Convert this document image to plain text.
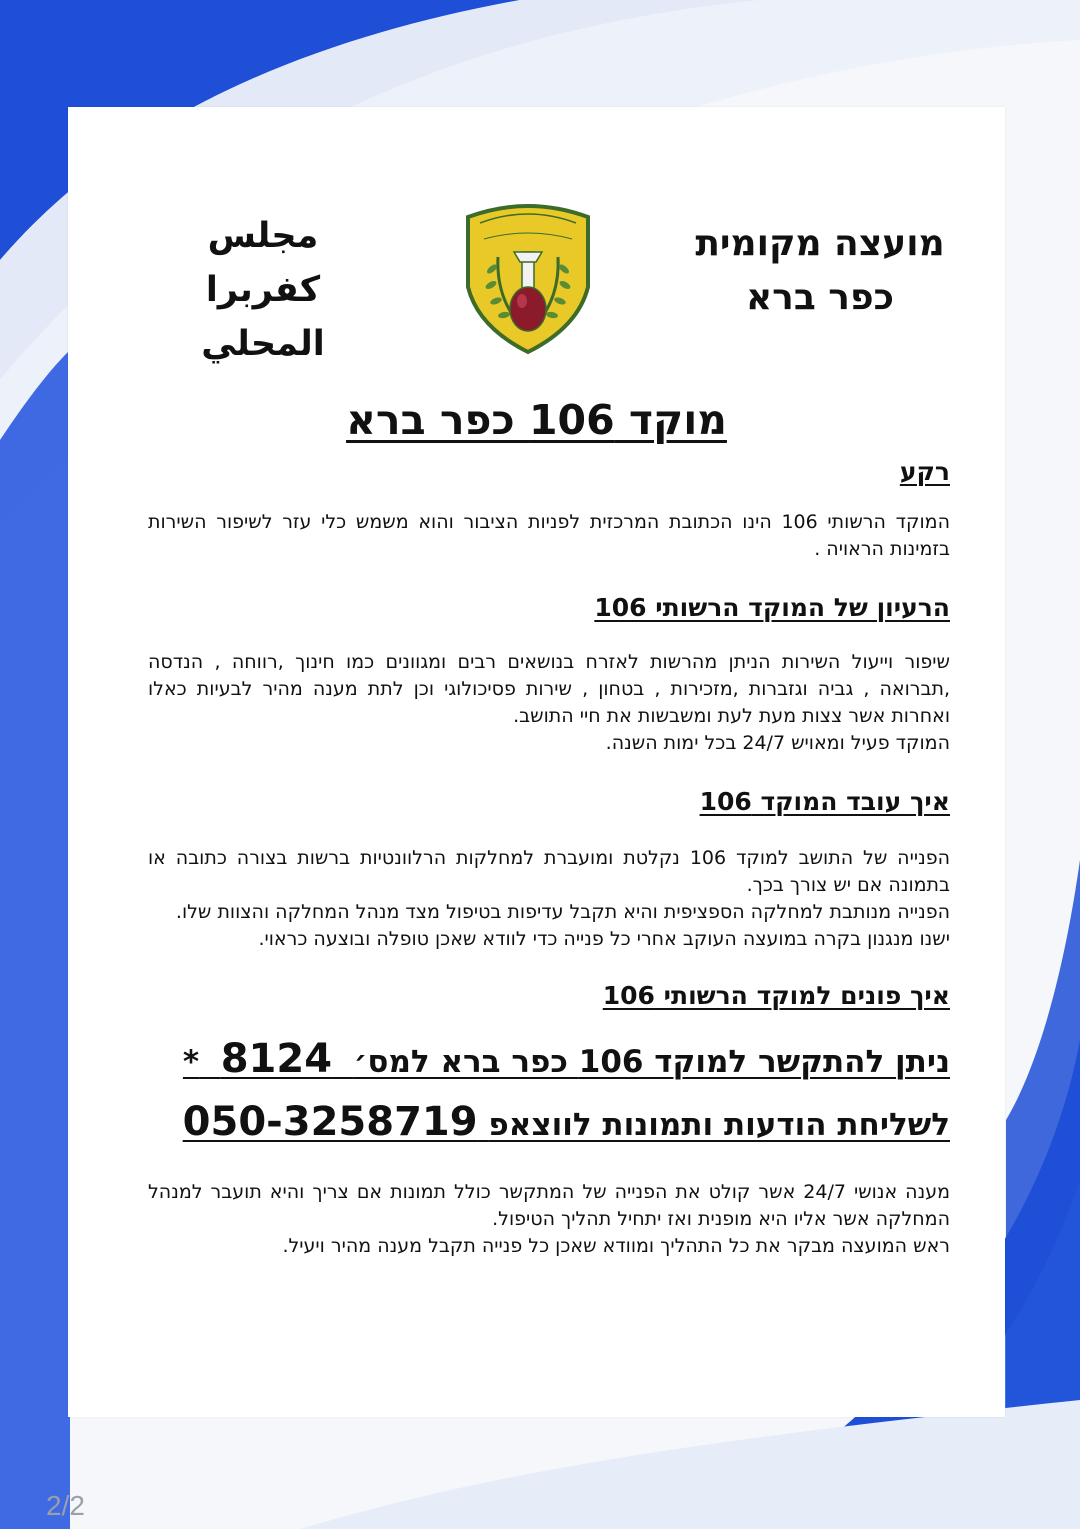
מועצה מקומית
כפר ברא
مجلس كفربرا
المحلي
מוקד 106 כפר ברא

רקע

המוקד הרשותי 106 הינו הכתובת המרכזית לפניות הציבור והוא משמש כלי עזר לשיפור השירות בזמינות הראויה .

הרעיון של המוקד הרשותי 106

שיפור וייעול השירות הניתן מהרשות לאזרח בנושאים רבים ומגוונים כמו חינוך ,רווחה , הנדסה ,תברואה , גביה וגזברות ,מזכירות , בטחון , שירות פסיכולוגי וכן לתת מענה מהיר לבעיות כאלו ואחרות אשר צצות מעת לעת ומשבשות את חיי התושב.

המוקד פעיל ומאויש 24/7 בכל ימות השנה.

איך עובד המוקד 106

הפנייה של התושב למוקד 106 נקלטת ומועברת למחלקות הרלוונטיות ברשות בצורה כתובה או בתמונה אם יש צורך בכך.

הפנייה מנותבת למחלקה הספציפית והיא תקבל עדיפות בטיפול מצד מנהל המחלקה והצוות שלו.

ישנו מנגנון בקרה במועצה העוקב אחרי כל פנייה כדי לוודא שאכן טופלה ובוצעה כראוי.

איך פונים למוקד הרשותי 106

ניתן להתקשר למוקד 106 כפר ברא למס׳  8124  *

לשליחת הודעות ותמונות לווצאפ 050-3258719

מענה אנושי 24/7 אשר קולט את הפנייה של המתקשר כולל תמונות אם צריך והיא תועבר למנהל המחלקה אשר אליו היא מופנית ואז יתחיל תהליך הטיפול.

ראש המועצה מבקר את כל התהליך ומוודא שאכן כל פנייה תקבל מענה מהיר ויעיל.

2/2
